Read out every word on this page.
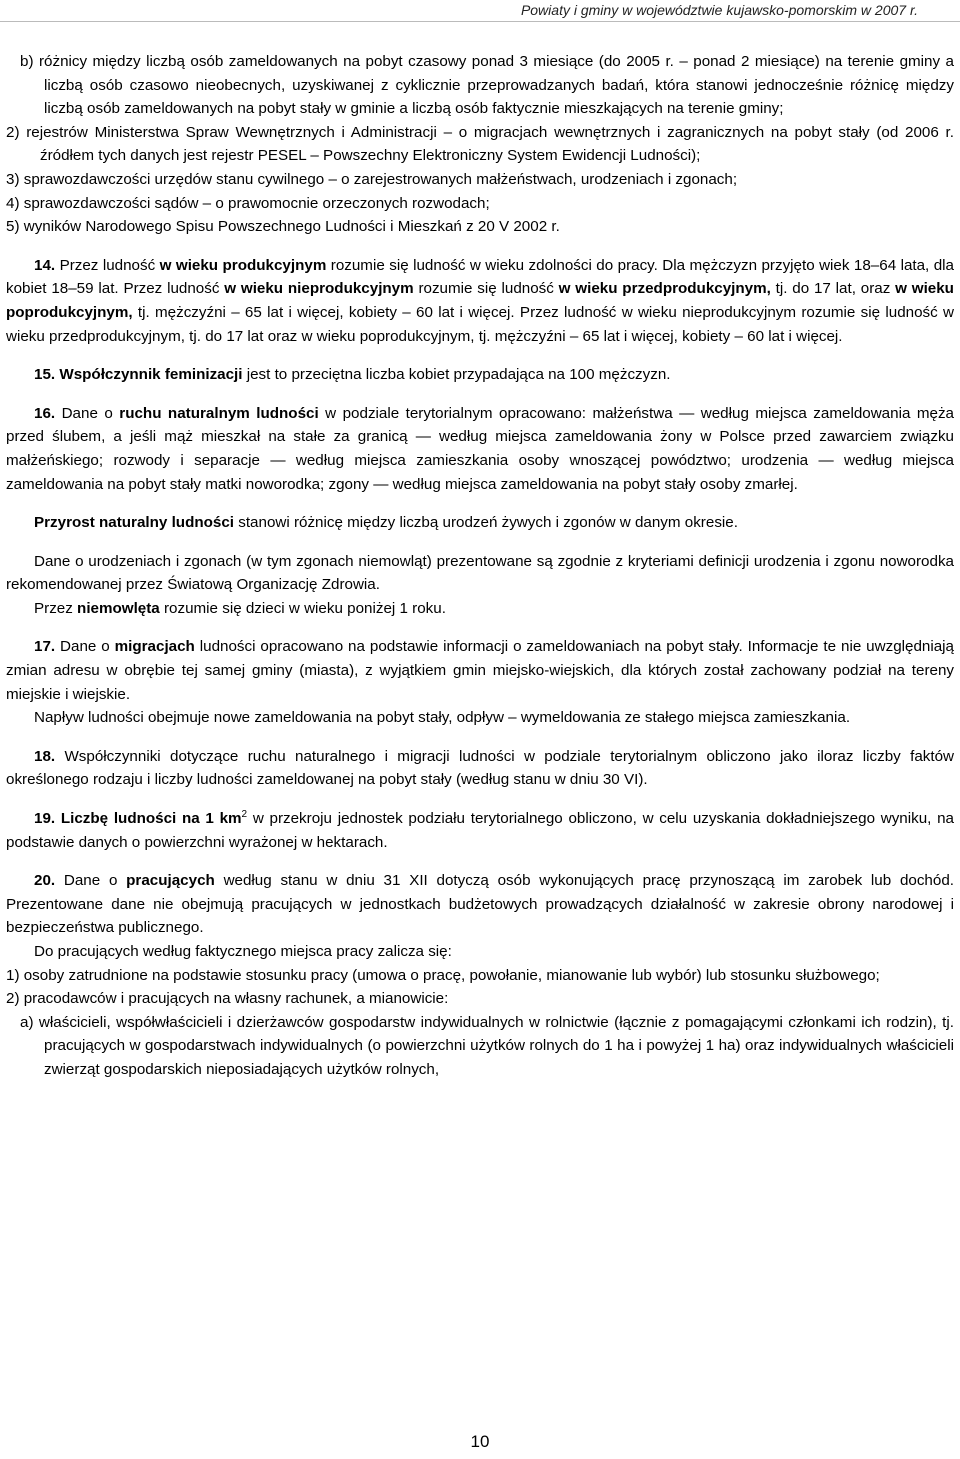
Powiaty i gminy w województwie kujawsko-pomorskim w 2007 r.

b) różnicy między liczbą osób zameldowanych na pobyt czasowy ponad 3 miesiące (do 2005 r. – ponad 2 miesiące) na terenie gminy a liczbą osób czasowo nieobecnych, uzyskiwanej z cyklicznie przeprowadzanych badań, która stanowi jednocześnie różnicę między liczbą osób zameldowanych na pobyt stały w gminie a liczbą osób faktycznie mieszkających na terenie gminy;

2) rejestrów Ministerstwa Spraw Wewnętrznych i Administracji – o migracjach wewnętrznych i zagranicznych na pobyt stały (od 2006 r. źródłem tych danych jest rejestr PESEL – Powszechny Elektroniczny System Ewidencji Ludności);

3) sprawozdawczości urzędów stanu cywilnego – o zarejestrowanych małżeństwach, urodzeniach i zgonach;

4) sprawozdawczości sądów – o prawomocnie orzeczonych rozwodach;

5) wyników Narodowego Spisu Powszechnego Ludności i Mieszkań z 20 V 2002 r.

14. Przez ludność w wieku produkcyjnym rozumie się ludność w wieku zdolności do pracy. Dla mężczyzn przyjęto wiek 18–64 lata, dla kobiet 18–59 lat. Przez ludność w wieku nieprodukcyjnym rozumie się ludność w wieku przedprodukcyjnym, tj. do 17 lat, oraz w wieku poprodukcyjnym, tj. mężczyźni – 65 lat i więcej, kobiety – 60 lat i więcej. Przez ludność w wieku nieprodukcyjnym rozumie się ludność w wieku przedprodukcyjnym, tj. do 17 lat oraz w wieku poprodukcyjnym, tj. mężczyźni – 65 lat i więcej, kobiety – 60 lat i więcej.

15. Współczynnik feminizacji jest to przeciętna liczba kobiet przypadająca na 100 mężczyzn.

16. Dane o ruchu naturalnym ludności w podziale terytorialnym opracowano: małżeństwa — według miejsca zameldowania męża przed ślubem, a jeśli mąż mieszkał na stałe za granicą — według miejsca zameldowania żony w Polsce przed zawarciem związku małżeńskiego; rozwody i separacje — według miejsca zamieszkania osoby wnoszącej powództwo; urodzenia — według miejsca zameldowania na pobyt stały matki noworodka; zgony — według miejsca zameldowania na pobyt stały osoby zmarłej.

Przyrost naturalny ludności stanowi różnicę między liczbą urodzeń żywych i zgonów w danym okresie.

Dane o urodzeniach i zgonach (w tym zgonach niemowląt) prezentowane są zgodnie z kryteriami definicji urodzenia i zgonu noworodka rekomendowanej przez Światową Organizację Zdrowia.

Przez niemowlęta rozumie się dzieci w wieku poniżej 1 roku.

17. Dane o migracjach ludności opracowano na podstawie informacji o zameldowaniach na pobyt stały. Informacje te nie uwzględniają zmian adresu w obrębie tej samej gminy (miasta), z wyjątkiem gmin miejsko-wiejskich, dla których został zachowany podział na tereny miejskie i wiejskie.

Napływ ludności obejmuje nowe zameldowania na pobyt stały, odpływ – wymeldowania ze stałego miejsca zamieszkania.

18. Współczynniki dotyczące ruchu naturalnego i migracji ludności w podziale terytorialnym obliczono jako iloraz liczby faktów określonego rodzaju i liczby ludności zameldowanej na pobyt stały (według stanu w dniu 30 VI).

19. Liczbę ludności na 1 $km^2$ w przekroju jednostek podziału terytorialnego obliczono, w celu uzyskania dokładniejszego wyniku, na podstawie danych o powierzchni wyrażonej w hektarach.

20. Dane o pracujących według stanu w dniu 31 XII dotyczą osób wykonujących pracę przynoszącą im zarobek lub dochód. Prezentowane dane nie obejmują pracujących w jednostkach budżetowych prowadzących działalność w zakresie obrony narodowej i bezpieczeństwa publicznego.

Do pracujących według faktycznego miejsca pracy zalicza się:

1) osoby zatrudnione na podstawie stosunku pracy (umowa o pracę, powołanie, mianowanie lub wybór) lub stosunku służbowego;

2) pracodawców i pracujących na własny rachunek, a mianowicie:

a) właścicieli, współwłaścicieli i dzierżawców gospodarstw indywidualnych w rolnictwie (łącznie z pomagającymi członkami ich rodzin), tj. pracujących w gospodarstwach indywidualnych (o powierzchni użytków rolnych do 1 ha i powyżej 1 ha) oraz indywidualnych właścicieli zwierząt gospodarskich nieposiadających użytków rolnych,

10
